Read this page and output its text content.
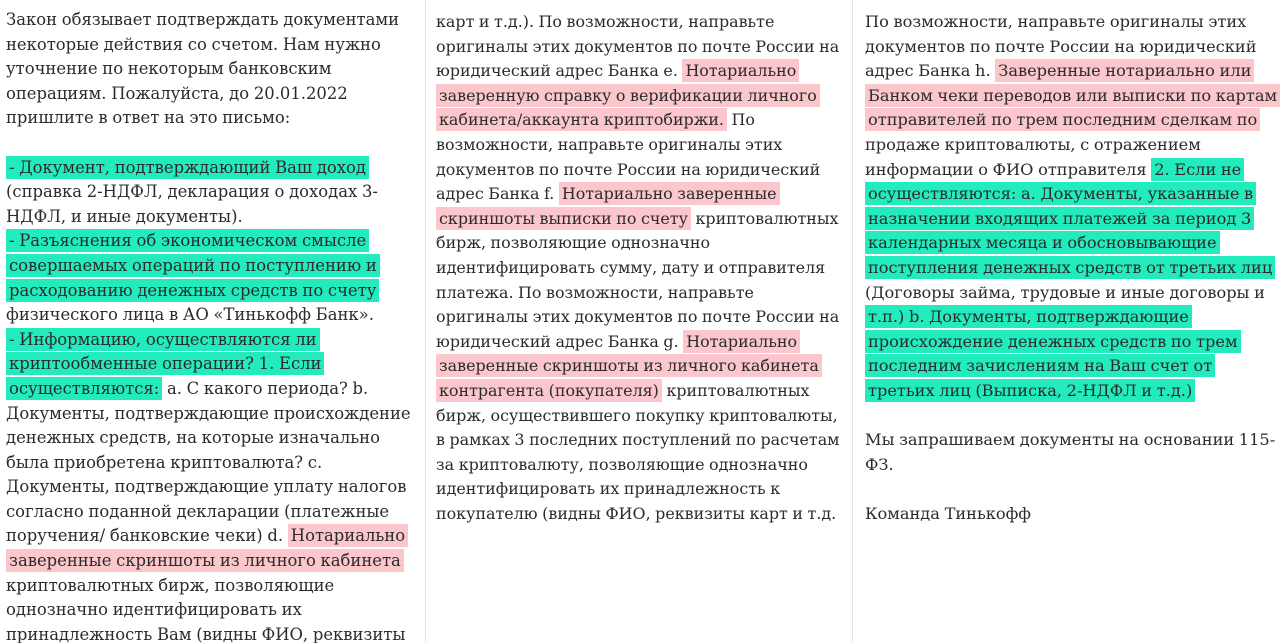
Закон обязывает подтверждать документами некоторые действия со счетом. Нам нужно уточнение по некоторым банковским операциям. Пожалуйста, до 20.01.2022 пришлите в ответ на это письмо:

- Документ, подтверждающий Ваш доход (справка 2-НДФЛ, декларация о доходах 3-НДФЛ, и иные документы).
- Разъяснения об экономическом смысле совершаемых операций по поступлению и расходованию денежных средств по счету физического лица в АО «Тинькофф Банк».
- Информацию, осуществляются ли криптообменные операции? 1. Если осуществляются: a. С какого периода? b. Документы, подтверждающие происхождение денежных средств, на которые изначально была приобретена криптовалюта? c. Документы, подтверждающие уплату налогов согласно поданной декларации (платежные поручения/ банковские чеки) d. Нотариально заверенные скриншоты из личного кабинета криптовалютных бирж, позволяющие однозначно идентифицировать их принадлежность Вам (видны ФИО, реквизиты

карт и т.д.). По возможности, направьте оригиналы этих документов по почте России на юридический адрес Банка e. Нотариально заверенную справку о верификации личного кабинета/аккаунта криптобиржи. По возможности, направьте оригиналы этих документов по почте России на юридический адрес Банка f. Нотариально заверенные скриншоты выписки по счету криптовалютных бирж, позволяющие однозначно идентифицировать сумму, дату и отправителя платежа. По возможности, направьте оригиналы этих документов по почте России на юридический адрес Банка g. Нотариально заверенные скриншоты из личного кабинета контрагента (покупателя) криптовалютных бирж, осуществившего покупку криптовалюты, в рамках 3 последних поступлений по расчетам за криптовалюту, позволяющие однозначно идентифицировать их принадлежность к покупателю (видны ФИО, реквизиты карт и т.д.

По возможности, направьте оригиналы этих документов по почте России на юридический адрес Банка h. Заверенные нотариально или Банком чеки переводов или выписки по картам отправителей по трем последним сделкам по продаже криптовалюты, с отражением информации о ФИО отправителя 2. Если не осуществляются: a. Документы, указанные в назначении входящих платежей за период 3 календарных месяца и обосновывающие поступления денежных средств от третьих лиц (Договоры займа, трудовые и иные договоры и т.п.) b. Документы, подтверждающие происхождение денежных средств по трем последним зачислениям на Ваш счет от третьих лиц (Выписка, 2-НДФЛ и т.д.)

Мы запрашиваем документы на основании 115-ФЗ.

Команда Тинькофф
